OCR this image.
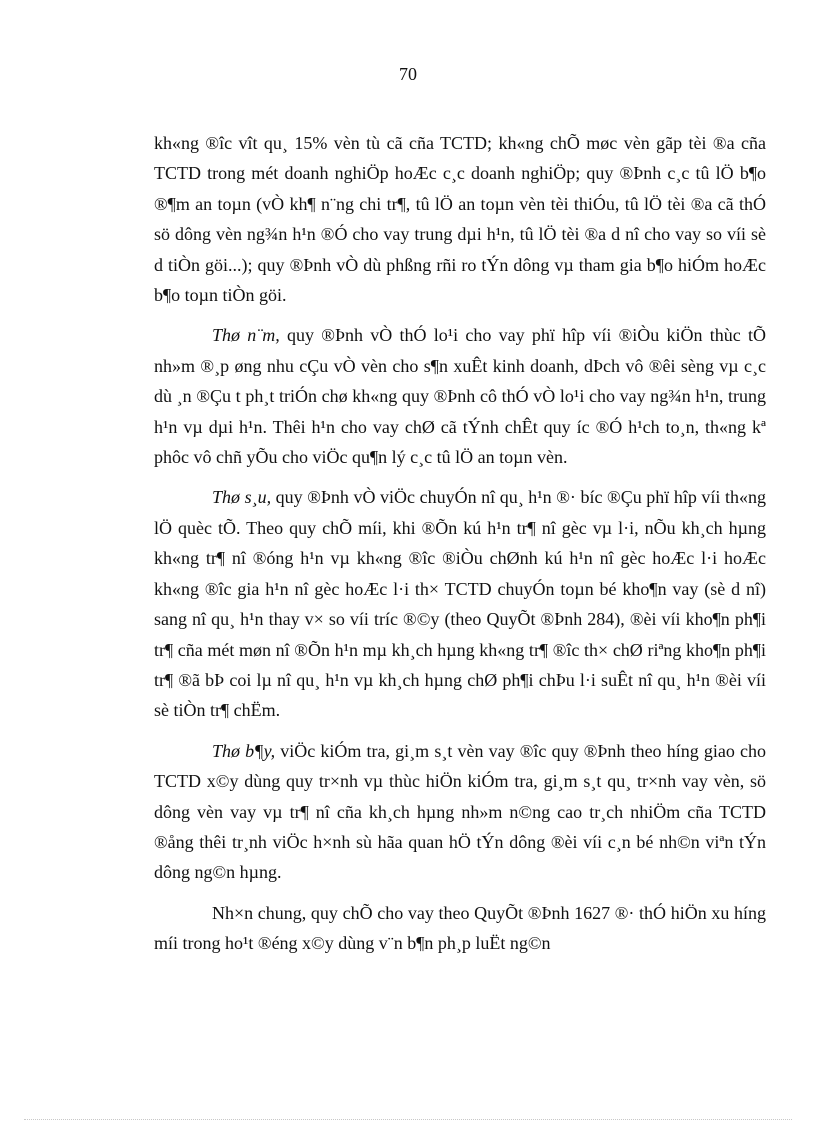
70

kh«ng ®îc vît qu¸ 15% vèn tù cã cña TCTD; kh«ng chÕ møc vèn gãp tèi ®a cña TCTD trong mét doanh nghiÖp hoÆc c¸c doanh nghiÖp; quy ®Þnh c¸c tû lÖ b¶o ®¶m an toµn (vÒ kh¶ n¨ng chi tr¶, tû lÖ an toµn vèn tèi thiÓu, tû lÖ tèi ®a cã thÓ sö dông vèn ng¾n h¹n ®Ó cho vay trung dµi h¹n, tû lÖ tèi ®a d nî cho vay so víi sè d tiÒn göi...); quy ®Þnh vÒ dù phßng rñi ro tÝn dông vµ tham gia b¶o hiÓm hoÆc b¶o toµn tiÒn göi.

Thø n¨m, quy ®Þnh vÒ thÓ lo¹i cho vay phï hîp víi ®iÒu kiÖn thùc tÕ nh»m ®¸p øng nhu cÇu vÒ vèn cho s¶n xuÊt kinh doanh, dÞch vô ®êi sèng vµ c¸c dù ¸n ®Çu t ph¸t triÓn chø kh«ng quy ®Þnh cô thÓ vÒ lo¹i cho vay ng¾n h¹n, trung h¹n vµ dµi h¹n. Thêi h¹n cho vay chØ cã tÝnh chÊt quy íc ®Ó h¹ch to¸n, th«ng kª phôc vô chñ yÕu cho viÖc qu¶n lý c¸c tû lÖ an toµn vèn.

Thø s¸u, quy ®Þnh vÒ viÖc chuyÓn nî qu¸ h¹n ®· bíc ®Çu phï hîp víi th«ng lÖ quèc tÕ. Theo quy chÕ míi, khi ®Õn kú h¹n tr¶ nî gèc vµ l·i, nÕu kh¸ch hµng kh«ng tr¶ nî ®óng h¹n vµ kh«ng ®îc ®iÒu chØnh kú h¹n nî gèc hoÆc l·i hoÆc kh«ng ®îc gia h¹n nî gèc hoÆc l·i th× TCTD chuyÓn toµn bé kho¶n vay (sè d nî) sang nî qu¸ h¹n thay v× so víi tríc ®©y (theo QuyÕt ®Þnh 284), ®èi víi kho¶n ph¶i tr¶ cña mét møn nî ®Õn h¹n mµ kh¸ch hµng kh«ng tr¶ ®îc th× chØ riªng kho¶n ph¶i tr¶ ®ã bÞ coi lµ nî qu¸ h¹n vµ kh¸ch hµng chØ ph¶i chÞu l·i suÊt nî qu¸ h¹n ®èi víi sè tiÒn tr¶ chËm.

Thø b¶y, viÖc kiÓm tra, gi¸m s¸t vèn vay ®îc quy ®Þnh theo híng giao cho TCTD x©y dùng quy tr×nh vµ thùc hiÖn kiÓm tra, gi¸m s¸t qu¸ tr×nh vay vèn, sö dông vèn vay vµ tr¶ nî cña kh¸ch hµng nh»m n©ng cao tr¸ch nhiÖm cña TCTD ®ång thêi tr¸nh viÖc h×nh sù hãa quan hÖ tÝn dông ®èi víi c¸n bé nh©n viªn tÝn dông ng©n hµng.

Nh×n chung, quy chÕ cho vay theo QuyÕt ®Þnh 1627 ®· thÓ hiÖn xu híng míi trong ho¹t ®éng x©y dùng v¨n b¶n ph¸p luËt ng©n
